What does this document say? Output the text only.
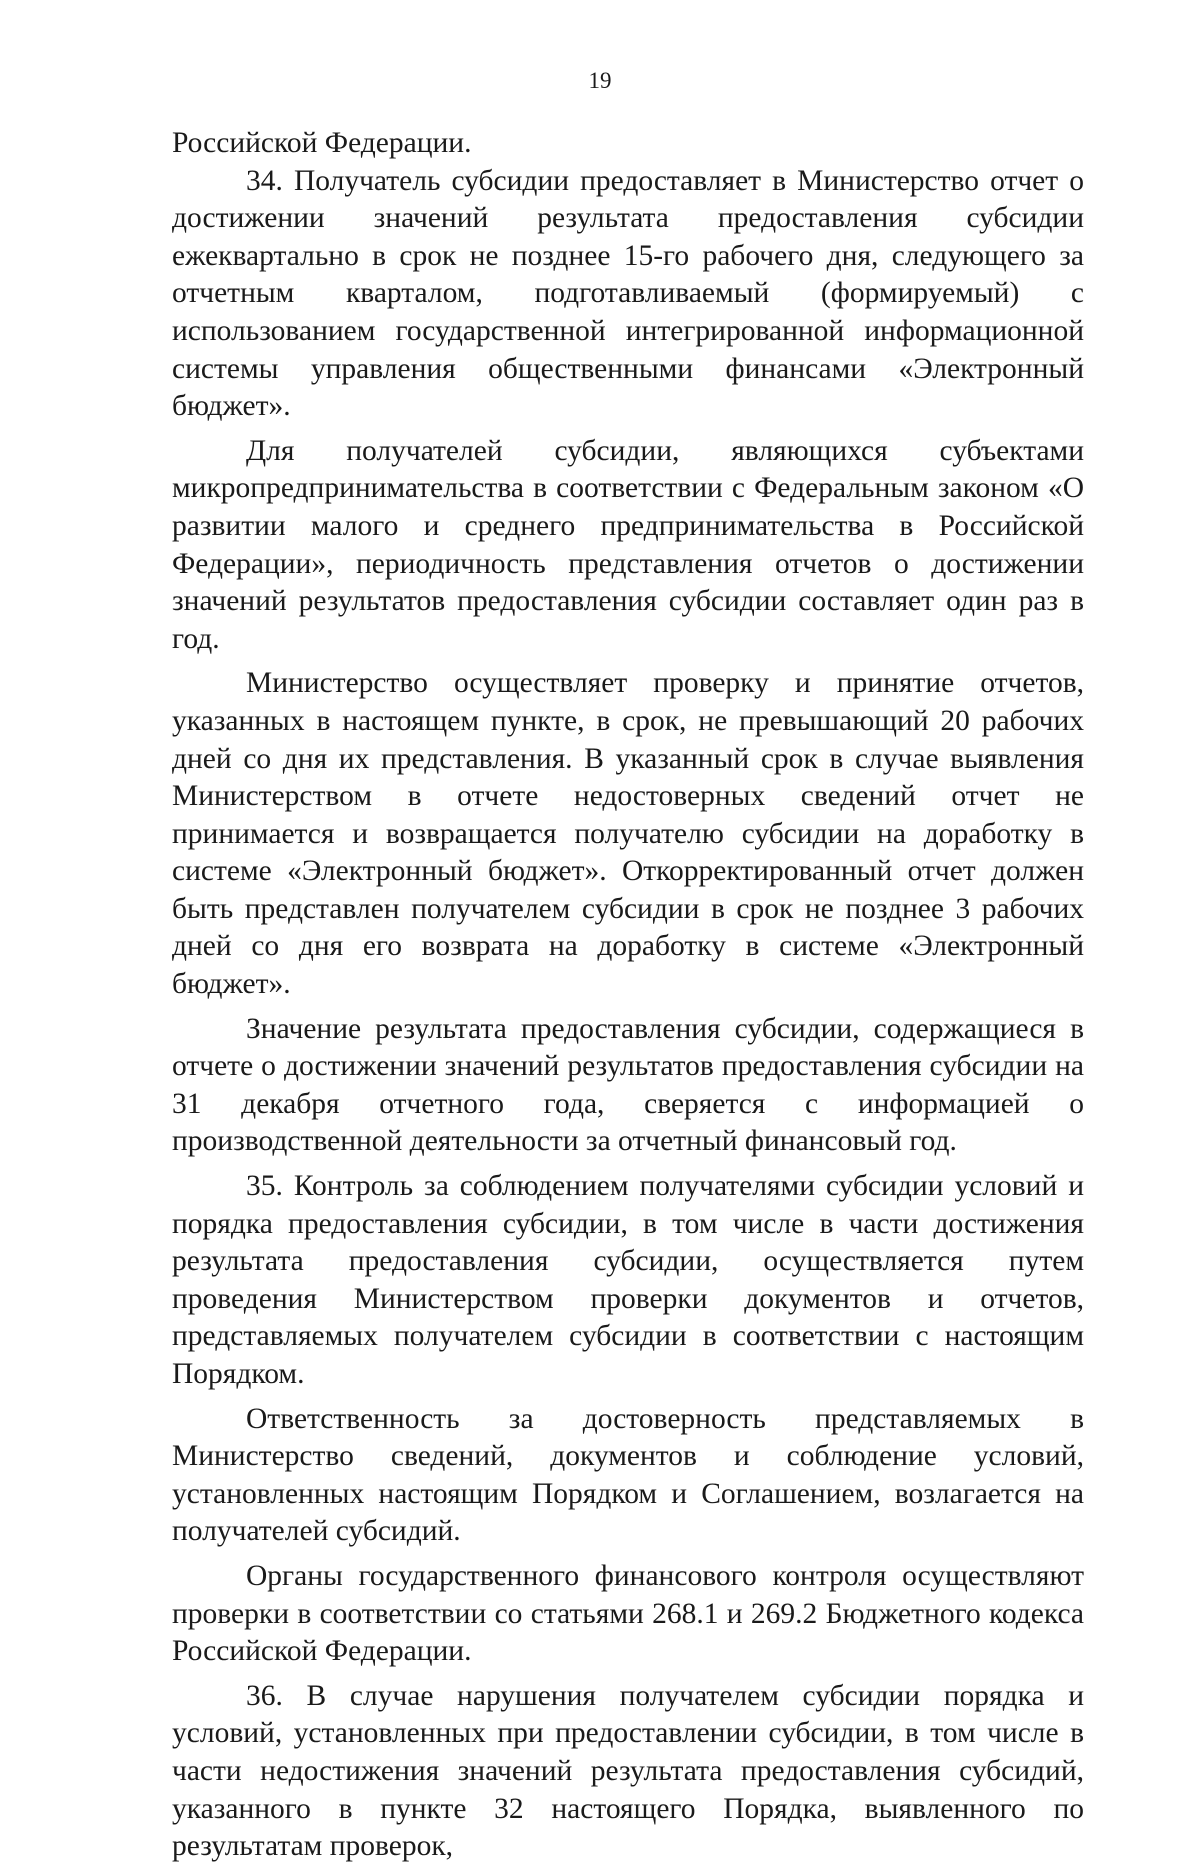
19

Российской Федерации.

34. Получатель субсидии предоставляет в Министерство отчет о достижении значений результата предоставления субсидии ежеквартально в срок не позднее 15-го рабочего дня, следующего за отчетным кварталом, подготавливаемый (формируемый) с использованием государственной интегрированной информационной системы управления общественными финансами «Электронный бюджет».

Для получателей субсидии, являющихся субъектами микропредпринимательства в соответствии с Федеральным законом «О развитии малого и среднего предпринимательства в Российской Федерации», периодичность представления отчетов о достижении значений результатов предоставления субсидии составляет один раз в год.

Министерство осуществляет проверку и принятие отчетов, указанных в настоящем пункте, в срок, не превышающий 20 рабочих дней со дня их представления. В указанный срок в случае выявления Министерством в отчете недостоверных сведений отчет не принимается и возвращается получателю субсидии на доработку в системе «Электронный бюджет». Откорректированный отчет должен быть представлен получателем субсидии в срок не позднее 3 рабочих дней со дня его возврата на доработку в системе «Электронный бюджет».

Значение результата предоставления субсидии, содержащиеся в отчете о достижении значений результатов предоставления субсидии на 31 декабря отчетного года, сверяется с информацией о производственной деятельности за отчетный финансовый год.

35. Контроль за соблюдением получателями субсидии условий и порядка предоставления субсидии, в том числе в части достижения результата предоставления субсидии, осуществляется путем проведения Министерством проверки документов и отчетов, представляемых получателем субсидии в соответствии с настоящим Порядком.

Ответственность за достоверность представляемых в Министерство сведений, документов и соблюдение условий, установленных настоящим Порядком и Соглашением, возлагается на получателей субсидий.

Органы государственного финансового контроля осуществляют проверки в соответствии со статьями 268.1 и 269.2 Бюджетного кодекса Российской Федерации.

36. В случае нарушения получателем субсидии порядка и условий, установленных при предоставлении субсидии, в том числе в части недостижения значений результата предоставления субсидий, указанного в пункте 32 настоящего Порядка, выявленного по результатам проверок,
